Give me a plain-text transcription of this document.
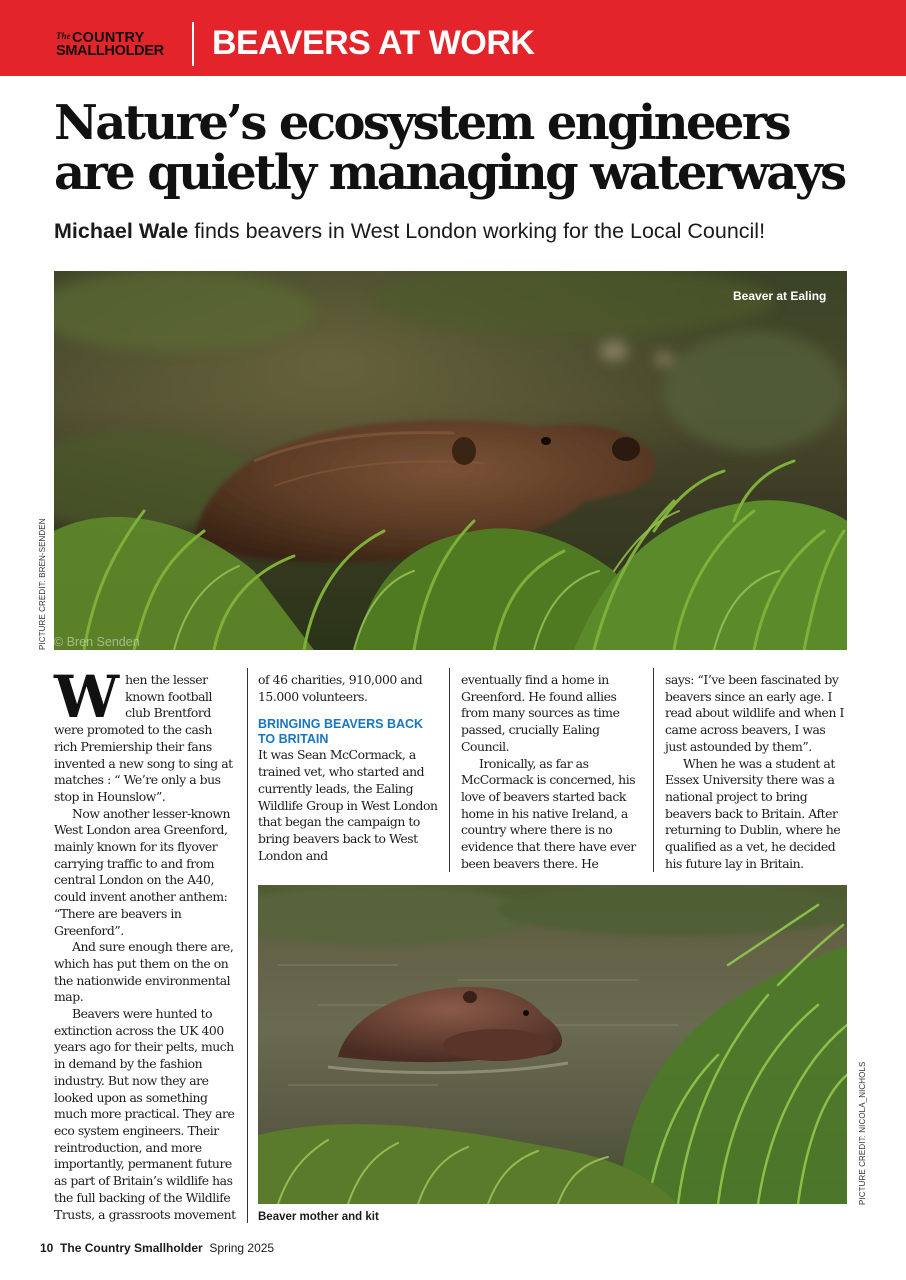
The COUNTRY
SMALLHOLDER BEAVERS AT WORK
Nature’s ecosystem engineers are quietly managing waterways
Michael Wale finds beavers in West London working for the Local Council!
Beaver at Ealing
© Bren Senden
PICTURE CREDIT: BREN-SENDEN
W hen the lesser known football club Brentford were promoted to the cash rich Premiership their fans invented a new song to sing at matches : “ We’re only a bus stop in Hounslow”.

Now another lesser-known West London area Greenford, mainly known for its flyover carrying traffic to and from central London on the A40, could invent another anthem: “There are beavers in Greenford”.

And sure enough there are, which has put them on the on the nationwide environmental map.

Beavers were hunted to extinction across the UK 400 years ago for their pelts, much in demand by the fashion industry. But now they are looked upon as something much more practical. They are eco system engineers. Their reintroduction, and more importantly, permanent future as part of Britain’s wildlife has the full backing of the Wildlife Trusts, a grassroots movement

of 46 charities, 910,000 and 15.000 volunteers.

BRINGING BEAVERS BACK TO BRITAIN

It was Sean McCormack, a trained vet, who started and currently leads, the Ealing Wildlife Group in West London that began the campaign to bring beavers back to West London and

eventually find a home in Greenford. He found allies from many sources as time passed, crucially Ealing Council.

Ironically, as far as McCormack is concerned, his love of beavers started back home in his native Ireland, a country where there is no evidence that there have ever been beavers there. He

says: “I’ve been fascinated by beavers since an early age. I read about wildlife and when I came across beavers, I was just astounded by them”.

When he was a student at Essex University there was a national project to bring beavers back to Britain. After returning to Dublin, where he qualified as a vet, he decided his future lay in Britain.

PICTURE CREDIT: NICOLA_NICHOLS
Beaver mother and kit
10 The Country Smallholder Spring 2025
